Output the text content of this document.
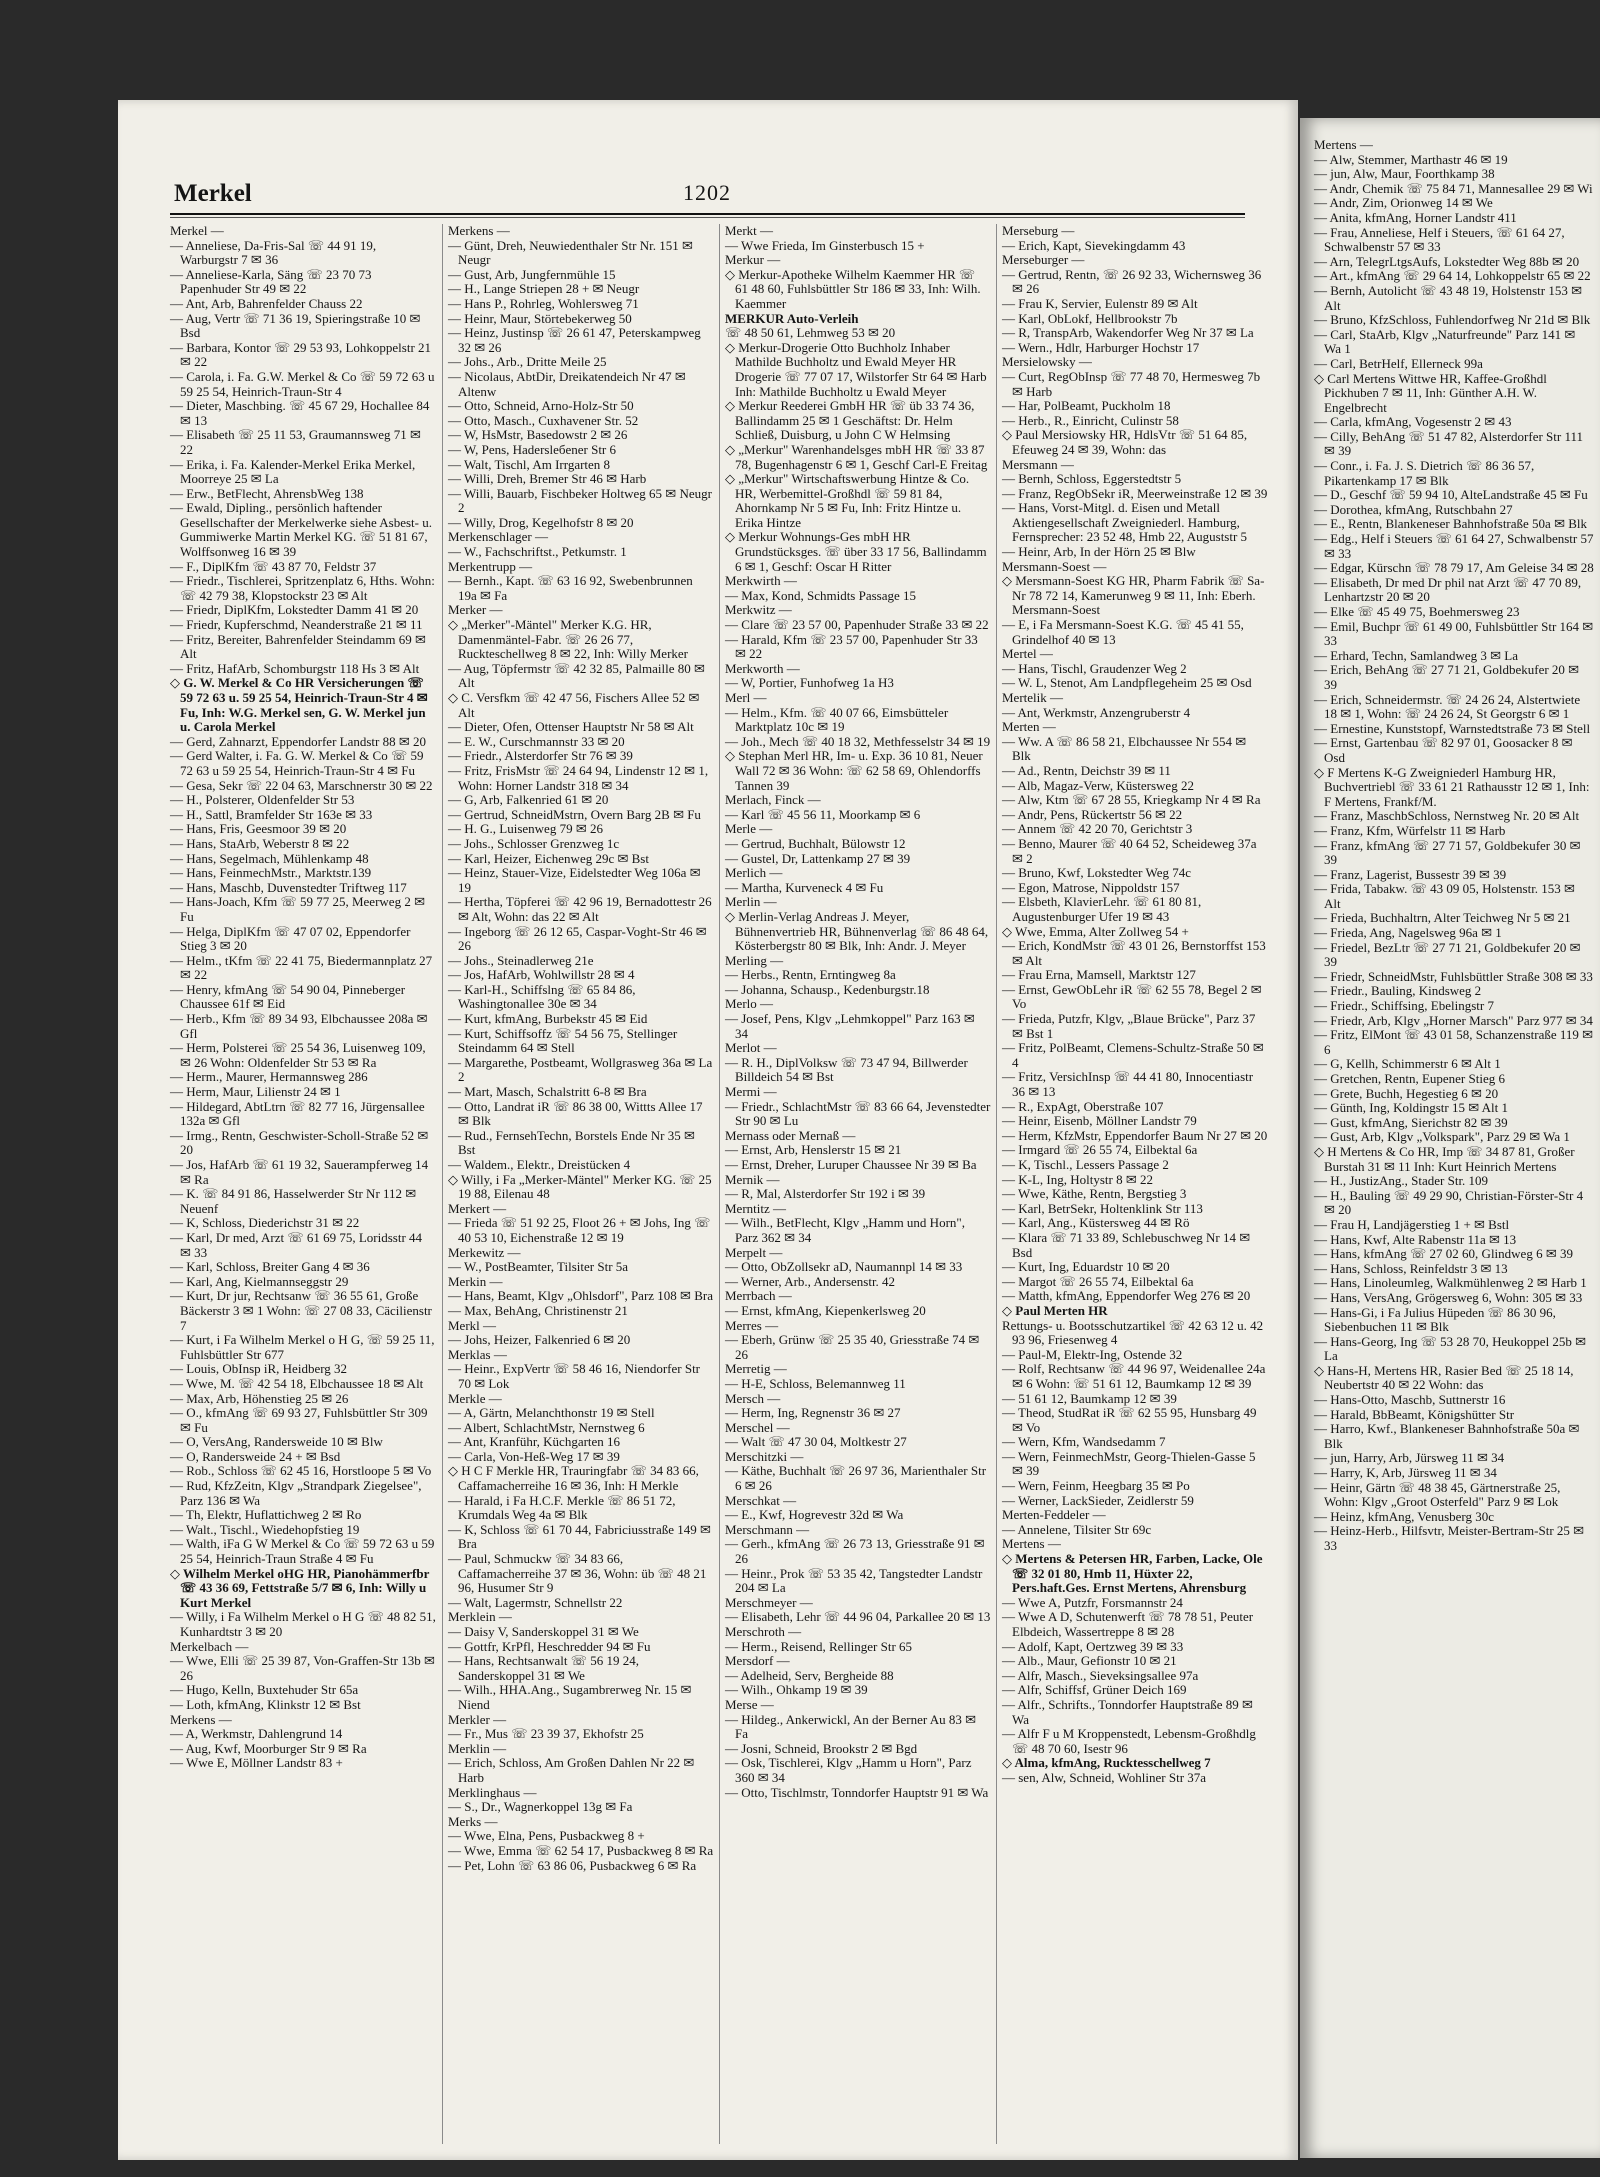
Merkel	1202

Merkel —

— Anneliese, Da-Fris-Sal ☏ 44 91 19, Warburgstr 7 ✉ 36

— Anneliese-Karla, Säng ☏ 23 70 73 Papenhuder Str 49 ✉ 22

— Ant, Arb, Bahrenfelder Chauss 22

— Aug, Vertr ☏ 71 36 19, Spieringstraße 10 ✉ Bsd

— Barbara, Kontor ☏ 29 53 93, Lohkoppelstr 21 ✉ 22

— Carola, i. Fa. G.W. Merkel & Co ☏ 59 72 63 u 59 25 54, Heinrich-Traun-Str 4

— Dieter, Maschbing. ☏ 45 67 29, Hochallee 84 ✉ 13

— Elisabeth ☏ 25 11 53, Graumannsweg 71 ✉ 22

— Erika, i. Fa. Kalender-Merkel Erika Merkel, Moorreye 25 ✉ La

— Erw., BetFlecht, AhrensbWeg 138

— Ewald, Dipling., persönlich haftender Gesellschafter der Merkelwerke siehe Asbest- u. Gummiwerke Martin Merkel KG. ☏ 51 81 67, Wolffsonweg 16 ✉ 39

— F., DiplKfm ☏ 43 87 70, Feldstr 37

— Friedr., Tischlerei, Spritzenplatz 6, Hths. Wohn: ☏ 42 79 38, Klopstockstr 23 ✉ Alt

— Friedr, DiplKfm, Lokstedter Damm 41 ✉ 20

— Friedr, Kupferschmd, Neanderstraße 21 ✉ 11

— Fritz, Bereiter, Bahrenfelder Steindamm 69 ✉ Alt

— Fritz, HafArb, Schomburgstr 118 Hs 3 ✉ Alt

◇ G. W. Merkel & Co HR Versicherungen ☏ 59 72 63 u. 59 25 54, Heinrich-Traun-Str 4 ✉ Fu, Inh: W.G. Merkel sen, G. W. Merkel jun u. Carola Merkel

— Gerd, Zahnarzt, Eppendorfer Landstr 88 ✉ 20

— Gerd Walter, i. Fa. G. W. Merkel & Co ☏ 59 72 63 u 59 25 54, Heinrich-Traun-Str 4 ✉ Fu

— Gesa, Sekr ☏ 22 04 63, Marschnerstr 30 ✉ 22

— H., Polsterer, Oldenfelder Str 53

— H., Sattl, Bramfelder Str 163e ✉ 33

— Hans, Fris, Geesmoor 39 ✉ 20

— Hans, StaArb, Weberstr 8 ✉ 22

— Hans, Segelmach, Mühlenkamp 48

— Hans, FeinmechMstr., Marktstr.139

— Hans, Maschb, Duvenstedter Triftweg 117

— Hans-Joach, Kfm ☏ 59 77 25, Meerweg 2 ✉ Fu

— Helga, DiplKfm ☏ 47 07 02, Eppendorfer Stieg 3 ✉ 20

— Helm., tKfm ☏ 22 41 75, Biedermannplatz 27 ✉ 22

— Henry, kfmAng ☏ 54 90 04, Pinneberger Chaussee 61f ✉ Eid

— Herb., Kfm ☏ 89 34 93, Elbchaussee 208a ✉ Gfl

— Herm, Polsterei ☏ 25 54 36, Luisenweg 109, ✉ 26 Wohn: Oldenfelder Str 53 ✉ Ra

— Herm., Maurer, Hermannsweg 286

— Herm, Maur, Lilienstr 24 ✉ 1

— Hildegard, AbtLtrn ☏ 82 77 16, Jürgensallee 132a ✉ Gfl

— Irmg., Rentn, Geschwister-Scholl-Straße 52 ✉ 20

— Jos, HafArb ☏ 61 19 32, Sauerampferweg 14 ✉ Ra

— K. ☏ 84 91 86, Hasselwerder Str Nr 112 ✉ Neuenf

— K, Schloss, Diederichstr 31 ✉ 22

— Karl, Dr med, Arzt ☏ 61 69 75, Loridsstr 44 ✉ 33

— Karl, Schloss, Breiter Gang 4 ✉ 36

— Karl, Ang, Kielmannseggstr 29

— Kurt, Dr jur, Rechtsanw ☏ 36 55 61, Große Bäckerstr 3 ✉ 1 Wohn: ☏ 27 08 33, Cäcilienstr 7

— Kurt, i Fa Wilhelm Merkel o H G, ☏ 59 25 11, Fuhlsbüttler Str 677

— Louis, ObInsp iR, Heidberg 32

— Wwe, M. ☏ 42 54 18, Elbchaussee 18 ✉ Alt

— Max, Arb, Höhenstieg 25 ✉ 26

— O., kfmAng ☏ 69 93 27, Fuhlsbüttler Str 309 ✉ Fu

— O, VersAng, Randersweide 10 ✉ Blw

— O, Randersweide 24 + ✉ Bsd

— Rob., Schloss ☏ 62 45 16, Horstloopе 5 ✉ Vo

— Rud, KfzZeitn, Klgv „Strandpark Ziegelsee", Parz 136 ✉ Wa

— Th, Elektr, Huflattichweg 2 ✉ Ro

— Walt., Tischl., Wiedehopfstieg 19

— Walth, iFa G W Merkel & Co ☏ 59 72 63 u 59 25 54, Heinrich-Traun Straße 4 ✉ Fu

◇ Wilhelm Merkel oHG HR, Pianohämmerfbr ☏ 43 36 69, Fettstraße 5/7 ✉ 6, Inh: Willy u Kurt Merkel

— Willy, i Fa Wilhelm Merkel o H G ☏ 48 82 51, Kunhardtstr 3 ✉ 20

Merkelbach —

— Wwe, Elli ☏ 25 39 87, Von-Graffen-Str 13b ✉ 26

— Hugo, Kelln, Buxtehuder Str 65a

— Loth, kfmAng, Klinkstr 12 ✉ Bst

Merkens —

— A, Werkmstr, Dahlengrund 14

— Aug, Kwf, Moorburger Str 9 ✉ Ra

— Wwe E, Möllner Landstr 83 +

Merkens —

— Günt, Dreh, Neuwiedenthaler Str Nr. 151 ✉ Neugr

— Gust, Arb, Jungfernmühle 15

— H., Lange Striepen 28 + ✉ Neugr

— Hans P., Rohrleg, Wohlersweg 71

— Heinr, Maur, Störtebekerweg 50

— Heinz, Justinsp ☏ 26 61 47, Peterskampweg 32 ✉ 26

— Johs., Arb., Dritte Meile 25

— Nicolaus, AbtDir, Dreikatendeich Nr 47 ✉ Altenw

— Otto, Schneid, Arno-Holz-Str 50

— Otto, Masch., Cuxhavener Str. 52

— W, HsMstr, Basedowstr 2 ✉ 26

— W, Pens, Hadersleбener Str 6

— Walt, Tischl, Am Irrgarten 8

— Willi, Dreh, Bremer Str 46 ✉ Harb

— Willi, Bauarb, Fischbeker Holtweg 65 ✉ Neugr 2

— Willy, Drog, Kegelhofstr 8 ✉ 20

Merkenschlager —

— W., Fachschriftst., Petkumstr. 1

Merkentrupp —

— Bernh., Kapt. ☏ 63 16 92, Swebenbrunnen 19a ✉ Fa

Merker —

◇ „Merker"-Mäntel" Merker K.G. HR, Damenmäntel-Fabr. ☏ 26 26 77, Ruckteschellweg 8 ✉ 22, Inh: Willy Merker

— Aug, Töpfermstr ☏ 42 32 85, Palmaille 80 ✉ Alt

◇ C. Versfkm ☏ 42 47 56, Fischers Allee 52 ✉ Alt

— Dieter, Ofen, Ottenser Hauptstr Nr 58 ✉ Alt

— E. W., Curschmannstr 33 ✉ 20

— Friedr., Alsterdorfer Str 76 ✉ 39

— Fritz, FrisMstr ☏ 24 64 94, Lindenstr 12 ✉ 1, Wohn: Horner Landstr 318 ✉ 34

— G, Arb, Falkenried 61 ✉ 20

— Gertrud, SchneidMstrn, Overn Barg 2B ✉ Fu

— H. G., Luisenweg 79 ✉ 26

— Johs., Schlosser Grenzweg 1c

— Karl, Heizer, Eichenweg 29c ✉ Bst

— Heinz, Stauer-Vize, Eidelstedter Weg 106a ✉ 19

— Hertha, Töpferei ☏ 42 96 19, Bernadottestr 26 ✉ Alt, Wohn: das 22 ✉ Alt

— Ingeborg ☏ 26 12 65, Caspar-Voght-Str 46 ✉ 26

— Johs., Steinadlerweg 21e

— Jos, HafArb, Wohlwillstr 28 ✉ 4

— Karl-H., Schiffslng ☏ 65 84 86, Washingtonallee 30e ✉ 34

— Kurt, kfmAng, Burbekstr 45 ✉ Eid

— Kurt, Schiffsoffz ☏ 54 56 75, Stellinger Steindamm 64 ✉ Stell

— Margarethe, Postbeamt, Wollgrasweg 36a ✉ La 2

— Mart, Masch, Schalstritt 6-8 ✉ Bra

— Otto, Landrat iR ☏ 86 38 00, Wittts Allee 17 ✉ Blk

— Rud., FernsehTechn, Borstels Ende Nr 35 ✉ Bst

— Waldem., Elektr., Dreistücken 4

◇ Willy, i Fa „Merker-Mäntel" Merker KG. ☏ 25 19 88, Eilenau 48

Merkert —

— Frieda ☏ 51 92 25, Floot 26 + ✉ Johs, Ing ☏ 40 53 10, Eichenstraße 12 ✉ 19

Merkewitz —

— W., PostBeamter, Tilsiter Str 5a

Merkin —

— Hans, Beamt, Klgv „Ohlsdorf", Parz 108 ✉ Bra

— Max, BehAng, Christinenstr 21

Merkl —

— Johs, Heizer, Falkenried 6 ✉ 20

Merklas —

— Heinr., ExpVertr ☏ 58 46 16, Niendorfer Str 70 ✉ Lok

Merkle —

— A, Gärtn, Melanchthonstr 19 ✉ Stell

— Albert, SchlachtMstr, Nernstweg 6

— Ant, Kranführ, Küchgarten 16

— Carla, Von-Heß-Weg 17 ✉ 39

◇ H C F Merkle HR, Trauringfabr ☏ 34 83 66, Caffamacherreihe 16 ✉ 36, Inh: H Merkle

— Harald, i Fa H.C.F. Merkle ☏ 86 51 72, Krumdals Weg 4a ✉ Blk

— K, Schloss ☏ 61 70 44, Fabriciusstraße 149 ✉ Bra

— Paul, Schmuckw ☏ 34 83 66, Caffamacherreihe 37 ✉ 36, Wohn: üb ☏ 48 21 96, Husumer Str 9

— Walt, Lagermstr, Schnellstr 22

Merklein —

— Daisy V, Sanderskoppel 31 ✉ We

— Gottfr, KrPfl, Heschredder 94 ✉ Fu

— Hans, Rechtsanwalt ☏ 56 19 24, Sanderskoppel 31 ✉ We

— Wilh., HHA.Ang., Sugambrerweg Nr. 15 ✉ Niend

Merkler —

— Fr., Mus ☏ 23 39 37, Ekhofstr 25

Merklin —

— Erich, Schloss, Am Großen Dahlen Nr 22 ✉ Harb

Merklinghaus —

— S., Dr., Wagnerkoppel 13g ✉ Fa

Merks —

— Wwe, Elna, Pens, Pusbackweg 8 +

— Wwe, Emma ☏ 62 54 17, Pusbackweg 8 ✉ Ra

— Pet, Lohn ☏ 63 86 06, Pusbackweg 6 ✉ Ra

Merkt —

— Wwe Frieda, Im Ginsterbusch 15 +

Merkur —

◇ Merkur-Apotheke Wilhelm Kaemmer HR ☏ 61 48 60, Fuhlsbüttler Str 186 ✉ 33, Inh: Wilh. Kaemmer

MERKUR Auto-Verleih

☏ 48 50 61, Lehmweg 53 ✉ 20

◇ Merkur-Drogerie Otto Buchholz Inhaber Mathilde Buchholtz und Ewald Meyer HR Drogerie ☏ 77 07 17, Wilstorfer Str 64 ✉ Harb Inh: Mathilde Buchholtz u Ewald Meyer

◇ Merkur Reederei GmbH HR ☏ üb 33 74 36, Ballindamm 25 ✉ 1 Geschäftst: Dr. Helm Schließ, Duisburg, u John C W Helmsing

◇ „Merkur" Warenhandelsges mbH HR ☏ 33 87 78, Bugenhagenstr 6 ✉ 1, Geschf Carl-E Freitag

◇ „Merkur" Wirtschaftswerbung Hintze & Co. HR, Werbemittel-Großhdl ☏ 59 81 84, Ahornkamp Nr 5 ✉ Fu, Inh: Fritz Hintze u. Erika Hintze

◇ Merkur Wohnungs-Ges mbH HR Grundstücksges. ☏ über 33 17 56, Ballindamm 6 ✉ 1, Geschf: Oscar H Ritter

Merkwirth —

— Max, Kond, Schmidts Passage 15

Merkwitz —

— Clare ☏ 23 57 00, Papenhuder Straße 33 ✉ 22

— Harald, Kfm ☏ 23 57 00, Papenhuder Str 33 ✉ 22

Merkworth —

— W, Portier, Funhofweg 1a H3

Merl —

— Helm., Kfm. ☏ 40 07 66, Eimsbütteler Marktplatz 10c ✉ 19

— Joh., Mech ☏ 40 18 32, Methfesselstr 34 ✉ 19

◇ Stephan Merl HR, Im- u. Exp. 36 10 81, Neuer Wall 72 ✉ 36 Wohn: ☏ 62 58 69, Ohlendorffs Tannen 39

Merlach, Finck —

— Karl ☏ 45 56 11, Moorkamp ✉ 6

Merle —

— Gertrud, Buchhalt, Bülowstr 12

— Gustel, Dr, Lattenkamp 27 ✉ 39

Merlich —

— Martha, Kurveneck 4 ✉ Fu

Merlin —

◇ Merlin-Verlag Andreas J. Meyer, Bühnenvertrieb HR, Bühnenverlag ☏ 86 48 64, Kösterbergstr 80 ✉ Blk, Inh: Andr. J. Meyer

Merling —

— Herbs., Rentn, Erntingweg 8a

— Johanna, Schausp., Kedenburgstr.18

Merlo —

— Josef, Pens, Klgv „Lehmkoppel" Parz 163 ✉ 34

Merlot —

— R. H., DiplVolksw ☏ 73 47 94, Billwerder Billdeich 54 ✉ Bst

Mermi —

— Friedr., SchlachtMstr ☏ 83 66 64, Jevenstedter Str 90 ✉ Lu

Mernass oder Mernaß —

— Ernst, Arb, Henslerstr 15 ✉ 21

— Ernst, Dreher, Luruper Chaussee Nr 39 ✉ Ba

Mernik —

— R, Mal, Alsterdorfer Str 192 i ✉ 39

Merntitz —

— Wilh., BetFlecht, Klgv „Hamm und Horn", Parz 362 ✉ 34

Merpelt —

— Otto, ObZollsekr aD, Naumannpl 14 ✉ 33

— Werner, Arb., Andersenstr. 42

Merrbach —

— Ernst, kfmAng, Kiepenkerlsweg 20

Merres —

— Eberh, Grünw ☏ 25 35 40, Griesstraße 74 ✉ 26

Merretig —

— H-E, Schloss, Belemannweg 11

Mersch —

— Herm, Ing, Regnenstr 36 ✉ 27

Merschel —

— Walt ☏ 47 30 04, Moltkestr 27

Merschitzki —

— Käthe, Buchhalt ☏ 26 97 36, Marienthaler Str 6 ✉ 26

Merschkat —

— E., Kwf, Hogrevestr 32d ✉ Wa

Merschmann —

— Gerh., kfmAng ☏ 26 73 13, Griesstraße 91 ✉ 26

— Heinr., Prok ☏ 53 35 42, Tangstedter Landstr 204 ✉ La

Merschmeyer —

— Elisabeth, Lehr ☏ 44 96 04, Parkallee 20 ✉ 13

Merschroth —

— Herm., Reisend, Rellinger Str 65

Mersdorf —

— Adelheid, Serv, Bergheide 88

— Wilh., Ohkamp 19 ✉ 39

Merse —

— Hildeg., Ankerwickl, An der Berner Au 83 ✉ Fa

— Josni, Schneid, Brookstr 2 ✉ Bgd

— Osk, Tischlerei, Klgv „Hamm u Horn", Parz 360 ✉ 34

— Otto, Tischlmstr, Tonndorfer Hauptstr 91 ✉ Wa

Merseburg —

— Erich, Kapt, Sievekingdamm 43

Merseburger —

— Gertrud, Rentn, ☏ 26 92 33, Wichernsweg 36 ✉ 26

— Frau K, Servier, Eulenstr 89 ✉ Alt

— Karl, ObLokf, Hellbrookstr 7b

— R, TranspArb, Wakendorfer Weg Nr 37 ✉ La

— Wern., Hdlr, Harburger Hochstr 17

Mersielowsky —

— Curt, RegObInsp ☏ 77 48 70, Hermesweg 7b ✉ Harb

— Har, PolBeamt, Puckholm 18

— Herb., R., Einricht, Culinstr 58

◇ Paul Mersiowsky HR, HdlsVtr ☏ 51 64 85, Efeuweg 24 ✉ 39, Wohn: das

Mersmann —

— Bernh, Schloss, Eggerstedtstr 5

— Franz, RegObSekr iR, Meerweinstraße 12 ✉ 39

— Hans, Vorst-Mitgl. d. Eisen und Metall Aktiengesellschaft Zweigniederl. Hamburg, Fernsprecher: 23 52 48, Hmb 22, Auguststr 5

— Heinr, Arb, In der Hörn 25 ✉ Blw

Mersmann-Soest —

◇ Mersmann-Soest KG HR, Pharm Fabrik ☏ Sa-Nr 78 72 14, Kamerunweg 9 ✉ 11, Inh: Eberh. Mersmann-Soest

— E, i Fa Mersmann-Soest K.G. ☏ 45 41 55, Grindelhof 40 ✉ 13

Mertel —

— Hans, Tischl, Graudenzer Weg 2

— W. L, Stenot, Am Landpflegeheim 25 ✉ Osd

Mertelik —

— Ant, Werkmstr, Anzengruberstr 4

Merten —

— Ww. A ☏ 86 58 21, Elbchaussee Nr 554 ✉ Blk

— Ad., Rentn, Deichstr 39 ✉ 11

— Alb, Magaz-Verw, Küstersweg 22

— Alw, Ktm ☏ 67 28 55, Kriegkamp Nr 4 ✉ Ra

— Andr, Pens, Rückertstr 56 ✉ 22

— Annem ☏ 42 20 70, Gerichtstr 3

— Benno, Maurer ☏ 40 64 52, Scheideweg 37a ✉ 2

— Bruno, Kwf, Lokstedter Weg 74c

— Egon, Matrose, Nippoldstr 157

— Elsbeth, KlavierLehr. ☏ 61 80 81, Augustenburger Ufer 19 ✉ 43

◇ Wwe, Emma, Alter Zollweg 54 +

— Erich, KondMstr ☏ 43 01 26, Bernstorffst 153 ✉ Alt

— Frau Erna, Mamsell, Marktstr 127

— Ernst, GewObLehr iR ☏ 62 55 78, Begel 2 ✉ Vo

— Frieda, Putzfr, Klgv, „Blaue Brücke", Parz 37 ✉ Bst 1

— Fritz, PolBeamt, Clemens-Schultz-Straße 50 ✉ 4

— Fritz, VersichInsp ☏ 44 41 80, Innocentiastr 36 ✉ 13

— R., ExpAgt, Oberstraße 107

— Heinr, Eisenb, Möllner Landstr 79

— Herm, KfzMstr, Eppendorfer Baum Nr 27 ✉ 20

— Irmgard ☏ 26 55 74, Eilbektal 6a

— K, Tischl., Lessers Passage 2

— K-L, Ing, Holtystr 8 ✉ 22

— Wwe, Käthe, Rentn, Bergstieg 3

— Karl, BetrSekr, Holtenklink Str 113

— Karl, Ang., Küstersweg 44 ✉ Rö

— Klara ☏ 71 33 89, Schlebuschweg Nr 14 ✉ Bsd

— Kurt, Ing, Eduardstr 10 ✉ 20

— Margot ☏ 26 55 74, Eilbektal 6a

— Matth, kfmAng, Eppendorfer Weg 276 ✉ 20

◇ Paul Merten HR

Rettungs- u. Bootsschutzartikel ☏ 42 63 12 u. 42 93 96, Friesenweg 4

— Paul-M, Elektr-Ing, Ostende 32

— Rolf, Rechtsanw ☏ 44 96 97, Weidenallee 24a ✉ 6 Wohn: ☏ 51 61 12, Baumkamp 12 ✉ 39

— 51 61 12, Baumkamp 12 ✉ 39

— Theod, StudRat iR ☏ 62 55 95, Hunsbarg 49 ✉ Vo

— Wern, Kfm, Wandsedamm 7

— Wern, FeinmechMstr, Georg-Thielen-Gasse 5 ✉ 39

— Wern, Feinm, Heegbarg 35 ✉ Po

— Werner, LackSieder, Zeidlerstr 59

Merten-Feddeler —

— Annelene, Tilsiter Str 69c

Mertens —

◇ Mertens & Petersen HR, Farben, Lacke, Ole ☏ 32 01 80, Hmb 11, Hüxter 22, Pers.haft.Ges. Ernst Mertens, Ahrensburg

— Wwe A, Putzfr, Forsmannstr 24

— Wwe A D, Schutenwerft ☏ 78 78 51, Peuter Elbdeich, Wassertreppe 8 ✉ 28

— Adolf, Kapt, Oertzweg 39 ✉ 33

— Alb., Maur, Gefionstr 10 ✉ 21

— Alfr, Masch., Sieveksingsallee 97a

— Alfr, Schiffsf, Grüner Deich 169

— Alfr., Schrifts., Tonndorfer Hauptstraße 89 ✉ Wa

— Alfr F u M Kroppenstedt, Lebensm-Großhdlg ☏ 48 70 60, Isestr 96

◇ Alma, kfmAng, Rucktesschellweg 7

— sen, Alw, Schneid, Wohliner Str 37a

Mertens —

— Alw, Stemmer, Marthastr 46 ✉ 19

— jun, Alw, Maur, Foorthkamp 38

— Andr, Chemik ☏ 75 84 71, Mannesallee 29 ✉ Wi

— Andr, Zim, Orionweg 14 ✉ We

— Anita, kfmAng, Horner Landstr 411

— Frau, Anneliese, Helf i Steuers, ☏ 61 64 27, Schwalbenstr 57 ✉ 33

— Arn, TelegrLtgsAufs, Lokstedter Weg 88b ✉ 20

— Art., kfmAng ☏ 29 64 14, Lohkoppelstr 65 ✉ 22

— Bernh, Autolicht ☏ 43 48 19, Holstenstr 153 ✉ Alt

— Bruno, KfzSchloss, Fuhlendorfweg Nr 21d ✉ Blk

— Carl, StaArb, Klgv „Naturfreunde" Parz 141 ✉ Wa 1

— Carl, BetrHelf, Ellerneck 99a

◇ Carl Mertens Wittwe HR, Kaffee-Großhdl Pickhuben 7 ✉ 11, Inh: Günther A.H. W. Engelbrecht

— Carla, kfmAng, Vogesenstr 2 ✉ 43

— Cilly, BehAng ☏ 51 47 82, Alsterdorfer Str 111 ✉ 39

— Conr., i. Fa. J. S. Dietrich ☏ 86 36 57, Pikartenkamp 17 ✉ Blk

— D., Geschf ☏ 59 94 10, AlteLandstraße 45 ✉ Fu

— Dorothea, kfmAng, Rutschbahn 27

— E., Rentn, Blankeneser Bahnhofstraße 50a ✉ Blk

— Edg., Helf i Steuers ☏ 61 64 27, Schwalbenstr 57 ✉ 33

— Edgar, Kürschn ☏ 78 79 17, Am Geleise 34 ✉ 28

— Elisabeth, Dr med Dr phil nat Arzt ☏ 47 70 89, Lenhartzstr 20 ✉ 20

— Elke ☏ 45 49 75, Boehmersweg 23

— Emil, Buchpr ☏ 61 49 00, Fuhlsbüttler Str 164 ✉ 33

— Erhard, Techn, Samlandweg 3 ✉ La

— Erich, BehAng ☏ 27 71 21, Goldbekufer 20 ✉ 39

— Erich, Schneidermstr. ☏ 24 26 24, Alstertwiete 18 ✉ 1, Wohn: ☏ 24 26 24, St Georgstr 6 ✉ 1

— Ernestine, Kunststopf, Warnstedtstraße 73 ✉ Stell

— Ernst, Gartenbau ☏ 82 97 01, Goosacker 8 ✉ Osd

◇ F Mertens K-G Zweigniederl Hamburg HR, Buchvertriebl ☏ 33 61 21 Rathausstr 12 ✉ 1, Inh: F Mertens, Frankf/M.

— Franz, MaschbSchloss, Nernstweg Nr. 20 ✉ Alt

— Franz, Kfm, Würfelstr 11 ✉ Harb

— Franz, kfmAng ☏ 27 71 57, Goldbekufer 30 ✉ 39

— Franz, Lagerist, Bussestr 39 ✉ 39

— Frida, Tabakw. ☏ 43 09 05, Holstenstr. 153 ✉ Alt

— Frieda, Buchhaltrn, Alter Teichweg Nr 5 ✉ 21

— Frieda, Ang, Nagelsweg 96a ✉ 1

— Friedel, BezLtr ☏ 27 71 21, Goldbekufer 20 ✉ 39

— Friedr, SchneidMstr, Fuhlsbüttler Straße 308 ✉ 33

— Friedr., Bauling, Kindsweg 2

— Friedr., Schiffsing, Ebelingstr 7

— Friedr, Arb, Klgv „Horner Marsch" Parz 977 ✉ 34

— Fritz, ElMont ☏ 43 01 58, Schanzenstraße 119 ✉ 6

— G, Kellh, Schimmerstr 6 ✉ Alt 1

— Gretchen, Rentn, Eupener Stieg 6

— Grete, Buchh, Hegestieg 6 ✉ 20

— Günth, Ing, Koldingstr 15 ✉ Alt 1

— Gust, kfmAng, Sierichstr 82 ✉ 39

— Gust, Arb, Klgv „Volkspark", Parz 29 ✉ Wa 1

◇ H Mertens & Co HR, Imp ☏ 34 87 81, Großer Burstah 31 ✉ 11 Inh: Kurt Heinrich Mertens

— H., JustizAng., Stader Str. 109

— H., Bauling ☏ 49 29 90, Christian-Förster-Str 4 ✉ 20

— Frau H, Landjägerstieg 1 + ✉ Bstl

— Hans, Kwf, Alte Rabenstr 11a ✉ 13

— Hans, kfmAng ☏ 27 02 60, Glindweg 6 ✉ 39

— Hans, Schloss, Reinfeldstr 3 ✉ 13

— Hans, Linoleumleg, Walkmühlenweg 2 ✉ Harb 1

— Hans, VersAng, Grögersweg 6, Wohn: 305 ✉ 33

— Hans-Gi, i Fa Julius Hüpeden ☏ 86 30 96, Siebenbuchen 11 ✉ Blk

— Hans-Georg, Ing ☏ 53 28 70, Heukoppel 25b ✉ La

◇ Hans-H, Mertens HR, Rasier Bed ☏ 25 18 14, Neubertstr 40 ✉ 22 Wohn: das

— Hans-Otto, Maschb, Suttnerstr 16

— Harald, BbBeamt, Königshütter Str

— Harro, Kwf., Blankeneser Bahnhofstraße 50a ✉ Blk

— jun, Harry, Arb, Jürsweg 11 ✉ 34

— Harry, K, Arb, Jürsweg 11 ✉ 34

— Heinr, Gärtn ☏ 48 38 45, Gärtnerstraße 25, Wohn: Klgv „Groot Osterfeld" Parz 9 ✉ Lok

— Heinz, kfmAng, Venusberg 30c

— Heinz-Herb., Hilfsvtr, Meister-Bertram-Str 25 ✉ 33
